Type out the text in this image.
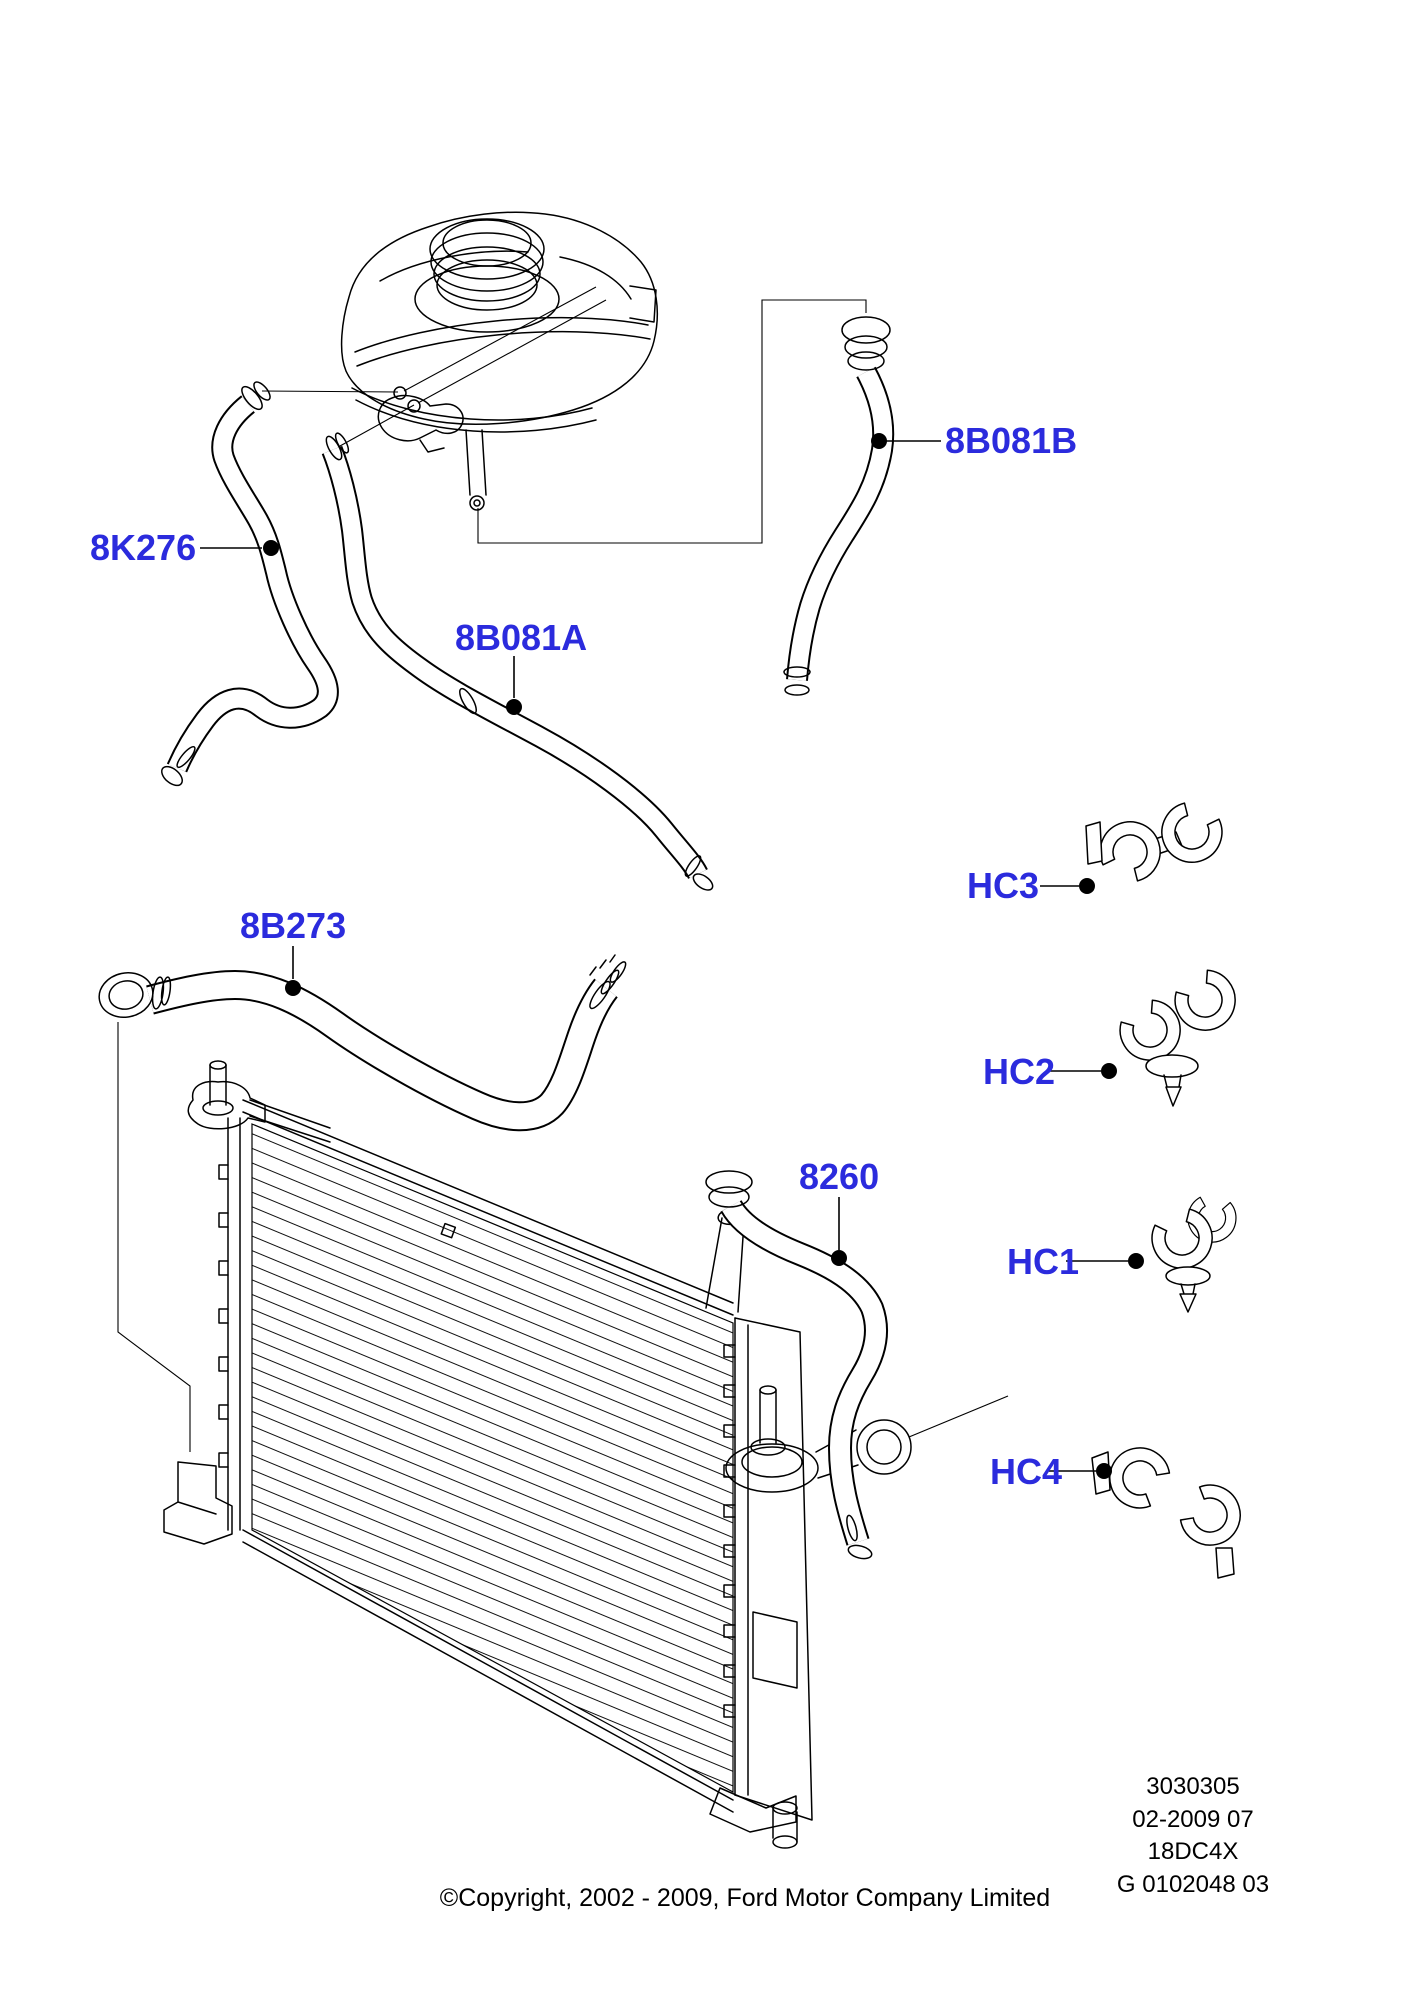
8K276
8B081A
8B081B
8B273
8260
HC3
HC2
HC1
HC4
©Copyright, 2002 - 2009, Ford Motor Company Limited
3030305
02-2009 07
18DC4X
G 0102048 03
